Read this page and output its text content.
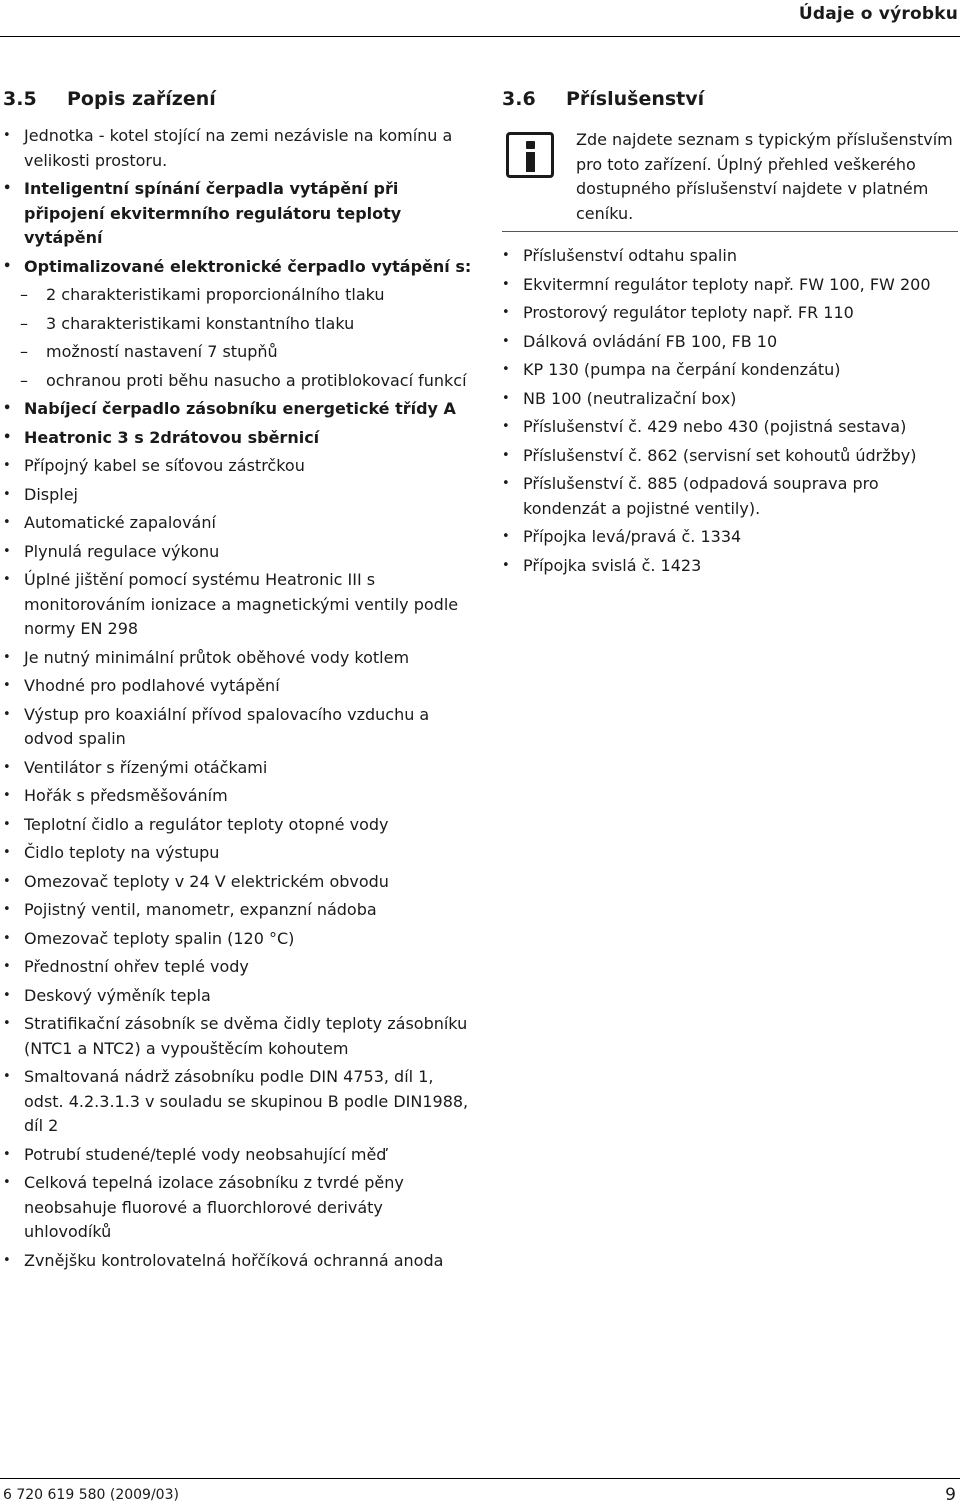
Údaje o výrobku
3.5 Popis zařízení
• Jednotka - kotel stojící na zemi nezávisle na komínu a velikosti prostoru.
• Inteligentní spínání čerpadla vytápění při připojení ekvitermního regulátoru teploty vytápění
• Optimalizované elektronické čerpadlo vytápění s:
– 2 charakteristikami proporcionálního tlaku
– 3 charakteristikami konstantního tlaku
– možností nastavení 7 stupňů
– ochranou proti běhu nasucho a protiblokovací funkcí
• Nabíjecí čerpadlo zásobníku energetické třídy A
• Heatronic 3 s 2drátovou sběrnicí
• Přípojný kabel se síťovou zástrčkou
• Displej
• Automatické zapalování
• Plynulá regulace výkonu
• Úplné jištění pomocí systému Heatronic III s monitorováním ionizace a magnetickými ventily podle normy EN 298
• Je nutný minimální průtok oběhové vody kotlem
• Vhodné pro podlahové vytápění
• Výstup pro koaxiální přívod spalovacího vzduchu a odvod spalin
• Ventilátor s řízenými otáčkami
• Hořák s předsměšováním
• Teplotní čidlo a regulátor teploty otopné vody
• Čidlo teploty na výstupu
• Omezovač teploty v 24 V elektrickém obvodu
• Pojistný ventil, manometr, expanzní nádoba
• Omezovač teploty spalin (120 °C)
• Přednostní ohřev teplé vody
• Deskový výměník tepla
• Stratifikační zásobník se dvěma čidly teploty zásobníku (NTC1 a NTC2) a vypouštěcím kohoutem
• Smaltovaná nádrž zásobníku podle DIN 4753, díl 1, odst. 4.2.3.1.3 v souladu se skupinou B podle DIN1988, díl 2
• Potrubí studené/teplé vody neobsahující měď
• Celková tepelná izolace zásobníku z tvrdé pěny neobsahuje fluorové a fluorchlorové deriváty uhlovodíků
• Zvnějšku kontrolovatelná hořčíková ochranná anoda
3.6 Příslušenství
Zde najdete seznam s typickým příslušenstvím pro toto zařízení. Úplný přehled veškerého dostupného příslušenství najdete v platném ceníku.
• Příslušenství odtahu spalin
• Ekvitermní regulátor teploty např. FW 100, FW 200
• Prostorový regulátor teploty např. FR 110
• Dálková ovládání FB 100, FB 10
• KP 130 (pumpa na čerpání kondenzátu)
• NB 100 (neutralizační box)
• Příslušenství č. 429 nebo 430 (pojistná sestava)
• Příslušenství č. 862 (servisní set kohoutů údržby)
• Příslušenství č. 885 (odpadová souprava pro kondenzát a pojistné ventily).
• Přípojka levá/pravá č. 1334
• Přípojka svislá č. 1423
6 720 619 580 (2009/03)	9
